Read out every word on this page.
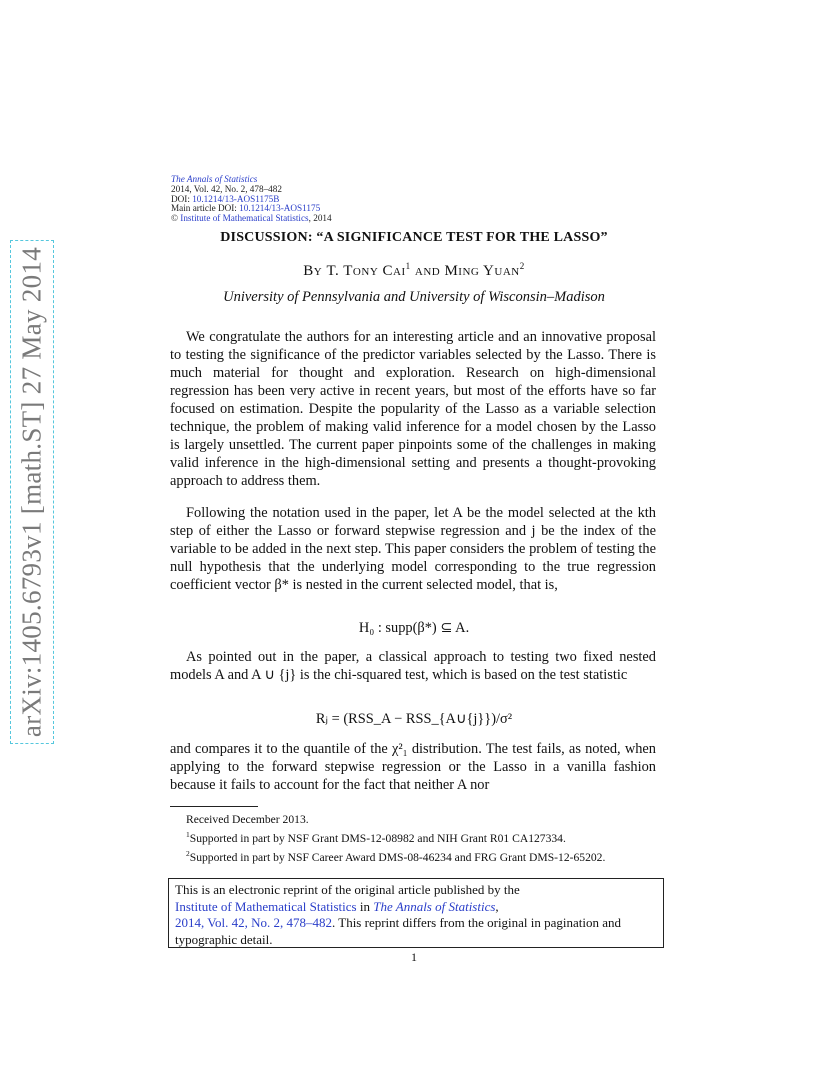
arXiv:1405.6793v1 [math.ST] 27 May 2014
The Annals of Statistics
2014, Vol. 42, No. 2, 478–482
DOI: 10.1214/13-AOS1175B
Main article DOI: 10.1214/13-AOS1175
© Institute of Mathematical Statistics, 2014
DISCUSSION: “A SIGNIFICANCE TEST FOR THE LASSO”
By T. Tony Cai$^1$ and Ming Yuan$^2$
University of Pennsylvania and University of Wisconsin–Madison

We congratulate the authors for an interesting article and an innovative proposal to testing the significance of the predictor variables selected by the Lasso. There is much material for thought and exploration. Research on high-dimensional regression has been very active in recent years, but most of the efforts have so far focused on estimation. Despite the popularity of the Lasso as a variable selection technique, the problem of making valid inference for a model chosen by the Lasso is largely unsettled. The current paper pinpoints some of the challenges in making valid inference in the high-dimensional setting and presents a thought-provoking approach to address them.

Following the notation used in the paper, let A be the model selected at the kth step of either the Lasso or forward stepwise regression and j be the index of the variable to be added in the next step. This paper considers the problem of testing the null hypothesis that the underlying model corresponding to the true regression coefficient vector β* is nested in the current selected model, that is,

H₀ : supp(β*) ⊆ A.

As pointed out in the paper, a classical approach to testing two fixed nested models A and A ∪ {j} is the chi-squared test, which is based on the test statistic

Rⱼ = (RSS_A − RSS_{A∪{j}})/σ²

and compares it to the quantile of the χ²₁ distribution. The test fails, as noted, when applying to the forward stepwise regression or the Lasso in a vanilla fashion because it fails to account for the fact that neither A nor

Received December 2013.

$^1$Supported in part by NSF Grant DMS-12-08982 and NIH Grant R01 CA127334.

$^2$Supported in part by NSF Career Award DMS-08-46234 and FRG Grant DMS-12-65202.

This is an electronic reprint of the original article published by the
Institute of Mathematical Statistics in The Annals of Statistics,
2014, Vol. 42, No. 2, 478–482. This reprint differs from the original in pagination and typographic detail.
1
